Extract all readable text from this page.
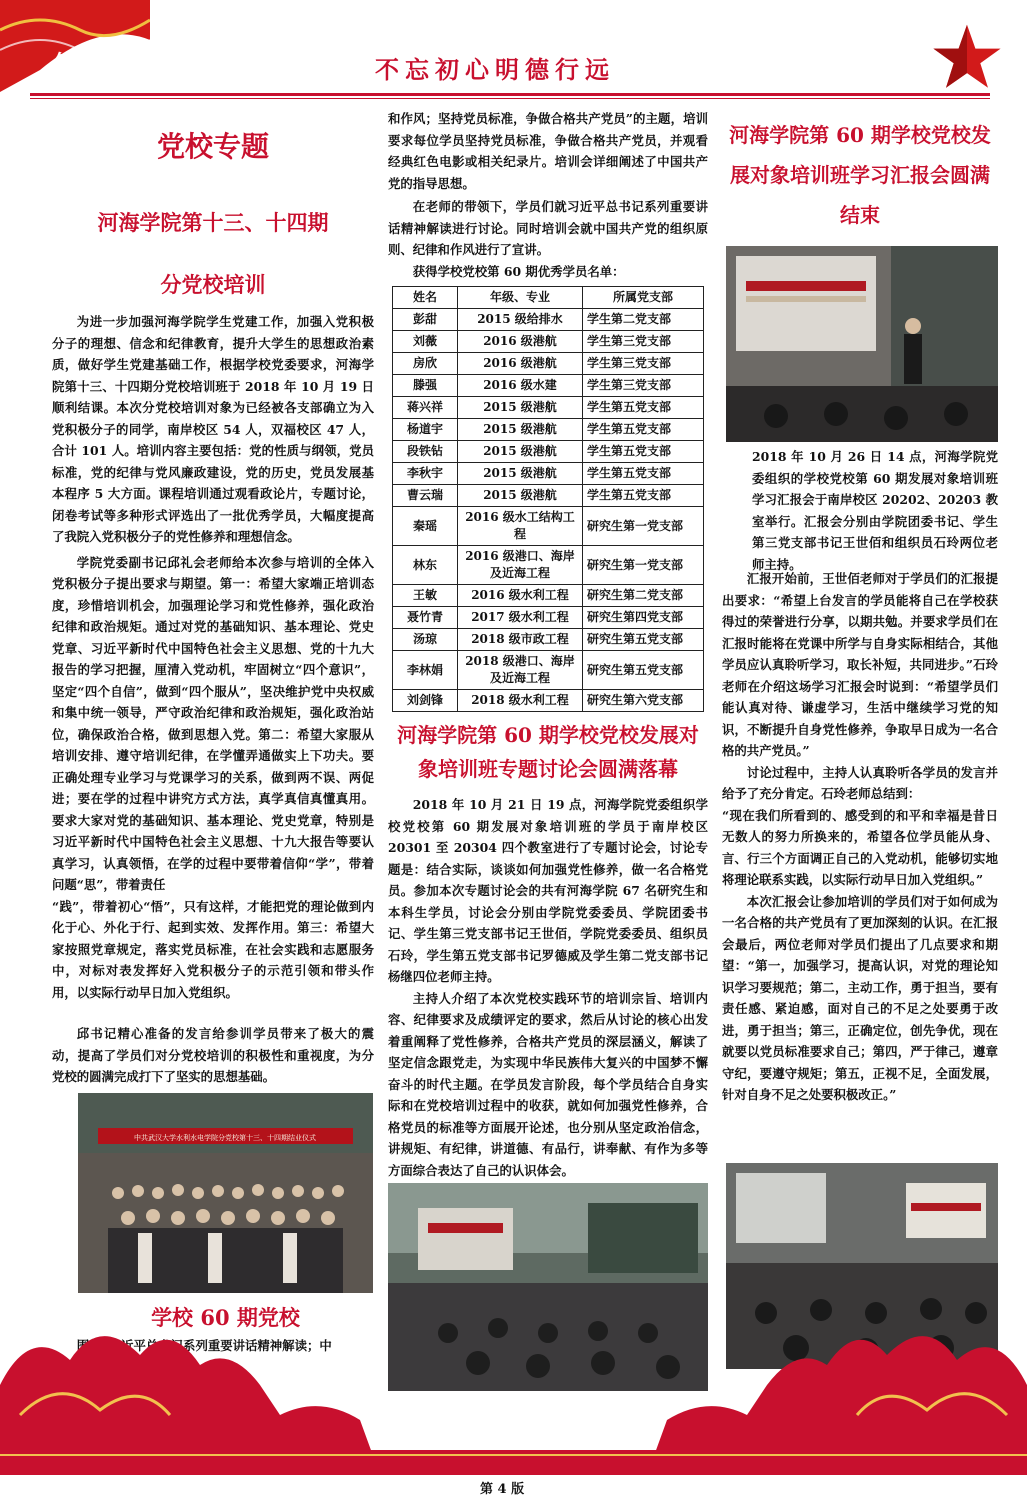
第 4 版	不忘初心明德行远
党校专题
河海学院第十三、十四期
分党校培训

为进一步加强河海学院学生党建工作，加强入党积极分子的理想、信念和纪律教育，提升大学生的思想政治素质，做好学生党建基础工作，根据学校党委要求，河海学院第十三、十四期分党校培训班于 2018 年 10 月 19 日顺利结课。本次分党校培训对象为已经被各支部确立为入党积极分子的同学，南岸校区 54 人，双福校区 47 人，合计 101 人。培训内容主要包括：党的性质与纲领，党员标准，党的纪律与党风廉政建设，党的历史，党员发展基本程序 5 大方面。课程培训通过观看政论片，专题讨论，闭卷考试等多种形式评选出了一批优秀学员，大幅度提高了我院入党积极分子的党性修养和理想信念。

学院党委副书记邱礼会老师给本次参与培训的全体入党积极分子提出要求与期望。第一：希望大家端正培训态度，珍惜培训机会，加强理论学习和党性修养，强化政治纪律和政治规矩。通过对党的基础知识、基本理论、党史党章、习近平新时代中国特色社会主义思想、党的十九大报告的学习把握，厘清入党动机，牢固树立“四个意识”，坚定“四个自信”，做到“四个服从”，坚决维护党中央权威和集中统一领导，严守政治纪律和政治规矩，强化政治站位，确保政治合格，做到思想入党。第二：希望大家服从培训安排、遵守培训纪律，在学懂弄通做实上下功夫。要正确处理专业学习与党课学习的关系，做到两不误、两促进；要在学的过程中讲究方式方法，真学真信真懂真用。要求大家对党的基础知识、基本理论、党史党章，特别是习近平新时代中国特色社会主义思想、十九大报告等要认真学习，认真领悟，在学的过程中要带着信仰“学”，带着问题“思”，带着责任

“践”，带着初心“悟”，只有这样，才能把党的理论做到内化于心、外化于行、起到实效、发挥作用。第三：希望大家按照党章规定，落实党员标准，在社会实践和志愿服务中，对标对表发挥好入党积极分子的示范引领和带头作用，以实际行动早日加入党组织。

邱书记精心准备的发言给参训学员带来了极大的震动，提高了学员们对分党校培训的积极性和重视度，为分党校的圆满完成打下了坚实的思想基础。

中共武汉大学水利水电学院分党校第十三、十四期结业仪式
学校 60 期党校

围绕“习近平总书记系列重要讲话精神解读；中

和作风；坚持党员标准，争做合格共产党员”的主题，培训要求每位学员坚持党员标准，争做合格共产党员，并观看经典红色电影或相关纪录片。培训会详细阐述了中国共产党的指导思想。

在老师的带领下，学员们就习近平总书记系列重要讲话精神解读进行讨论。同时培训会就中国共产党的组织原则、纪律和作风进行了宣讲。

获得学校党校第 60 期优秀学员名单：
姓名	年级、专业	所属党支部
彭甜	2015 级给排水	学生第二党支部
刘薇	2016 级港航	学生第三党支部
房欣	2016 级港航	学生第三党支部
滕强	2016 级水建	学生第三党支部
蒋兴祥	2015 级港航	学生第五党支部
杨道宇	2015 级港航	学生第五党支部
段铁钻	2015 级港航	学生第五党支部
李秋宇	2015 级港航	学生第五党支部
曹云瑞	2015 级港航	学生第五党支部
秦瑶	2016 级水工结构工程	研究生第一党支部
林东	2016 级港口、海岸及近海工程	研究生第一党支部
王敏	2016 级水利工程	研究生第二党支部
聂竹青	2017 级水利工程	研究生第四党支部
汤琼	2018 级市政工程	研究生第五党支部
李林娟	2018 级港口、海岸及近海工程	研究生第五党支部
刘剑锋	2018 级水利工程	研究生第六党支部
河海学院第 60 期学校党校发展对象培训班专题讨论会圆满落幕

2018 年 10 月 21 日 19 点，河海学院党委组织学校党校第 60 期发展对象培训班的学员于南岸校区 20301 至 20304 四个教室进行了专题讨论会，讨论专题是：结合实际，谈谈如何加强党性修养，做一名合格党员。参加本次专题讨论会的共有河海学院 67 名研究生和本科生学员，讨论会分别由学院党委委员、学院团委书记、学生第三党支部书记王世佰，学院党委委员、组织员石玲，学生第五党支部书记罗德威及学生第二党支部书记杨继四位老师主持。

主持人介绍了本次党校实践环节的培训宗旨、培训内容、纪律要求及成绩评定的要求，然后从讨论的核心出发着重阐释了党性修养，合格共产党员的深层涵义，解读了坚定信念跟党走，为实现中华民族伟大复兴的中国梦不懈奋斗的时代主题。在学员发言阶段，每个学员结合自身实际和在党校培训过程中的收获，就如何加强党性修养，合格党员的标准等方面展开论述，也分别从坚定政治信念，讲规矩、有纪律，讲道德、有品行，讲奉献、有作为多等方面综合表达了自己的认识体会。

河海学院第 60 期学校党校发展对象培训班学习汇报会圆满结束

2018 年 10 月 26 日 14 点，河海学院党委组织的学校党校第 60 期发展对象培训班学习汇报会于南岸校区 20202、20203 教室举行。汇报会分别由学院团委书记、学生第三党支部书记王世佰和组织员石玲两位老师主持。

汇报开始前，王世佰老师对于学员们的汇报提出要求：“希望上台发言的学员能将自己在学校获得过的荣誉进行分享，以期共勉。并要求学员们在汇报时能将在党课中所学与自身实际相结合，其他学员应认真聆听学习，取长补短，共同进步。”石玲老师在介绍这场学习汇报会时说到：“希望学员们能认真对待、谦虚学习，生活中继续学习党的知识，不断提升自身党性修养，争取早日成为一名合格的共产党员。”

讨论过程中，主持人认真聆听各学员的发言并给予了充分肯定。石玲老师总结到：

“现在我们所看到的、感受到的和平和幸福是昔日无数人的努力所换来的，希望各位学员能从身、言、行三个方面调正自己的入党动机，能够切实地将理论联系实践，以实际行动早日加入党组织。”

本次汇报会让参加培训的学员们对于如何成为一名合格的共产党员有了更加深刻的认识。在汇报会最后，两位老师对学员们提出了几点要求和期望：“第一，加强学习，提高认识，对党的理论知识学习要规范；第二，主动工作，勇于担当，要有责任感、紧迫感，面对自己的不足之处要勇于改进，勇于担当；第三，正确定位，创先争优，现在就要以党员标准要求自己；第四，严于律己，遵章守纪，要遵守规矩；第五，正视不足，全面发展，针对自身不足之处要积极改正。”

第 4 版
